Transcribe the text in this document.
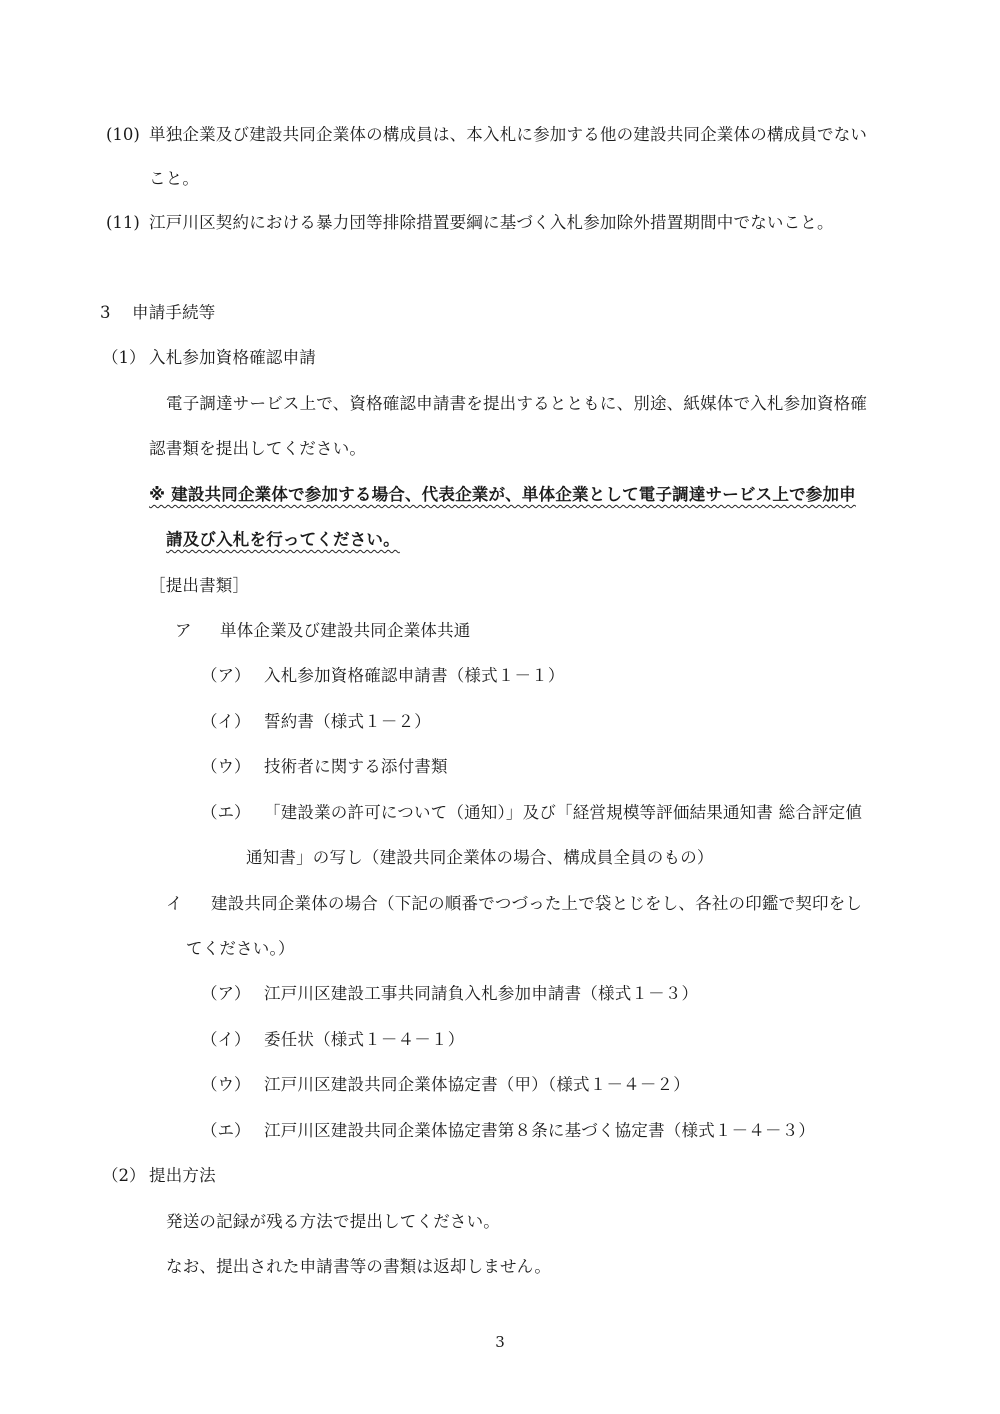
(10) 単独企業及び建設共同企業体の構成員は、本入札に参加する他の建設共同企業体の構成員でない
こと。
(11) 江戸川区契約における暴力団等排除措置要綱に基づく入札参加除外措置期間中でないこと。
3 申請手続等
（1） 入札参加資格確認申請
電子調達サービス上で、資格確認申請書を提出するとともに、別途、紙媒体で入札参加資格確
認書類を提出してください。
※ 建設共同企業体で参加する場合、代表企業が、単体企業として電子調達サービス上で参加申
請及び入札を行ってください。
［提出書類］
ア 単体企業及び建設共同企業体共通
（ア） 入札参加資格確認申請書（様式１－１）
（イ） 誓約書（様式１－２）
（ウ） 技術者に関する添付書類
（エ） 「建設業の許可について（通知）」及び「経営規模等評価結果通知書 総合評定値
通知書」の写し（建設共同企業体の場合、構成員全員のもの）
イ 建設共同企業体の場合（下記の順番でつづった上で袋とじをし、各社の印鑑で契印をし
てください。）
（ア） 江戸川区建設工事共同請負入札参加申請書（様式１－３）
（イ） 委任状（様式１－４－１）
（ウ） 江戸川区建設共同企業体協定書（甲）（様式１－４－２）
（エ） 江戸川区建設共同企業体協定書第８条に基づく協定書（様式１－４－３）
（2） 提出方法
発送の記録が残る方法で提出してください。
なお、提出された申請書等の書類は返却しません。
3
